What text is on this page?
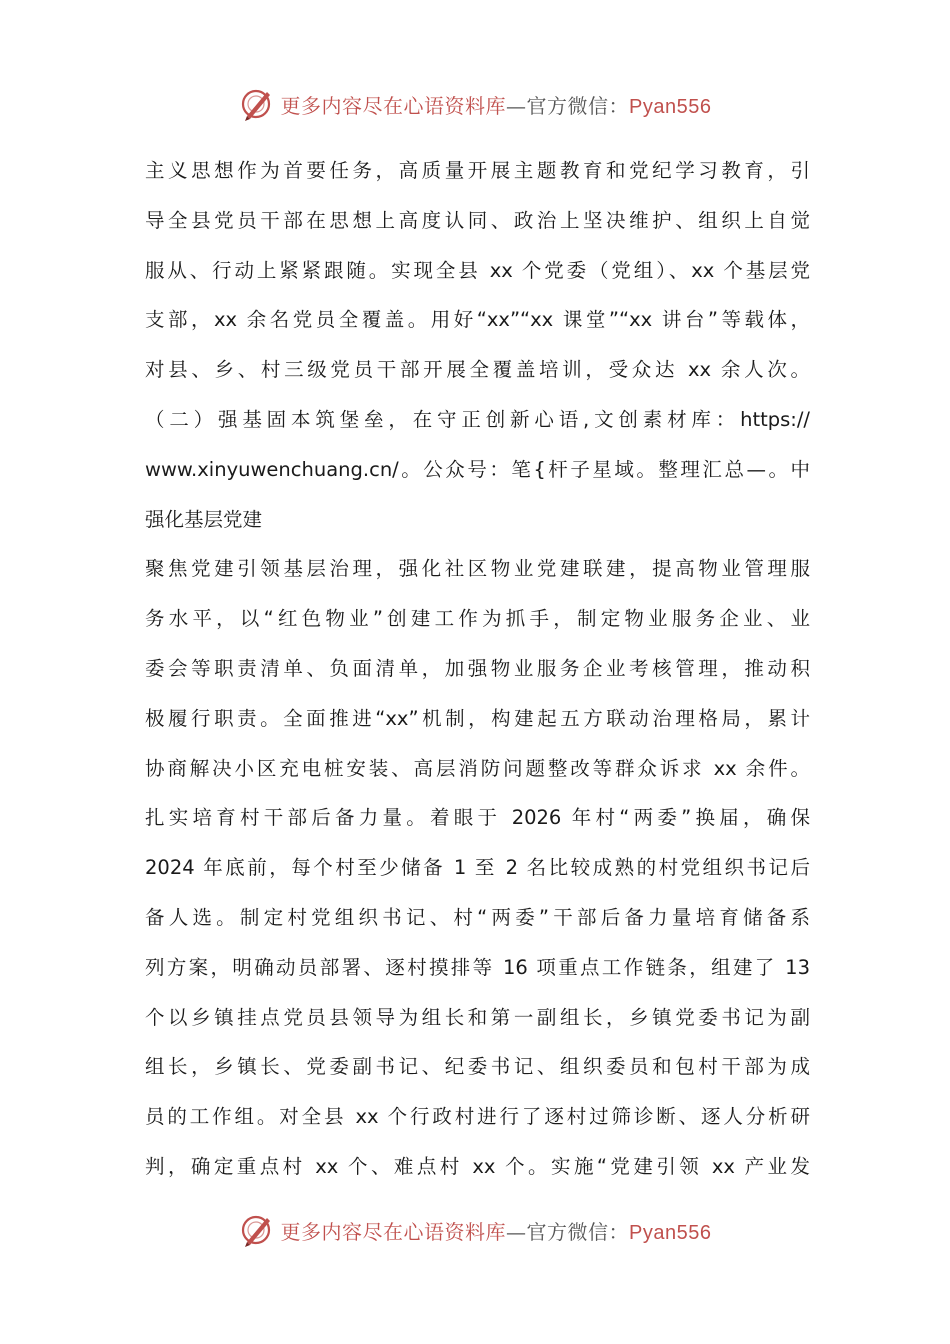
更多内容尽在心语资料库—官方微信：Pyan556
主义思想作为首要任务，高质量开展主题教育和党纪学习教育，引
导全县党员干部在思想上高度认同、政治上坚决维护、组织上自觉
服从、行动上紧紧跟随。实现全县 xx 个党委（党组）、xx 个基层党
支部，xx 余名党员全覆盖。用好“xx”“xx 课堂”“xx 讲台”等载体，
对县、乡、村三级党员干部开展全覆盖培训，受众达 xx 余人次。
（二）强基固本筑堡垒，在守正创新心语,文创素材库：https://
www.xinyuwenchuang.cn/。公众号：笔{杆子星域。整理汇总—。中
强化基层党建
聚焦党建引领基层治理，强化社区物业党建联建，提高物业管理服
务水平，以“红色物业”创建工作为抓手，制定物业服务企业、业
委会等职责清单、负面清单，加强物业服务企业考核管理，推动积
极履行职责。全面推进“xx”机制，构建起五方联动治理格局，累计
协商解决小区充电桩安装、高层消防问题整改等群众诉求 xx 余件。
扎实培育村干部后备力量。着眼于 2026 年村“两委”换届，确保
2024 年底前，每个村至少储备 1 至 2 名比较成熟的村党组织书记后
备人选。制定村党组织书记、村“两委”干部后备力量培育储备系
列方案，明确动员部署、逐村摸排等 16 项重点工作链条，组建了 13
个以乡镇挂点党员县领导为组长和第一副组长，乡镇党委书记为副
组长，乡镇长、党委副书记、纪委书记、组织委员和包村干部为成
员的工作组。对全县 xx 个行政村进行了逐村过筛诊断、逐人分析研
判，确定重点村 xx 个、难点村 xx 个。实施“党建引领 xx 产业发
更多内容尽在心语资料库—官方微信：Pyan556
